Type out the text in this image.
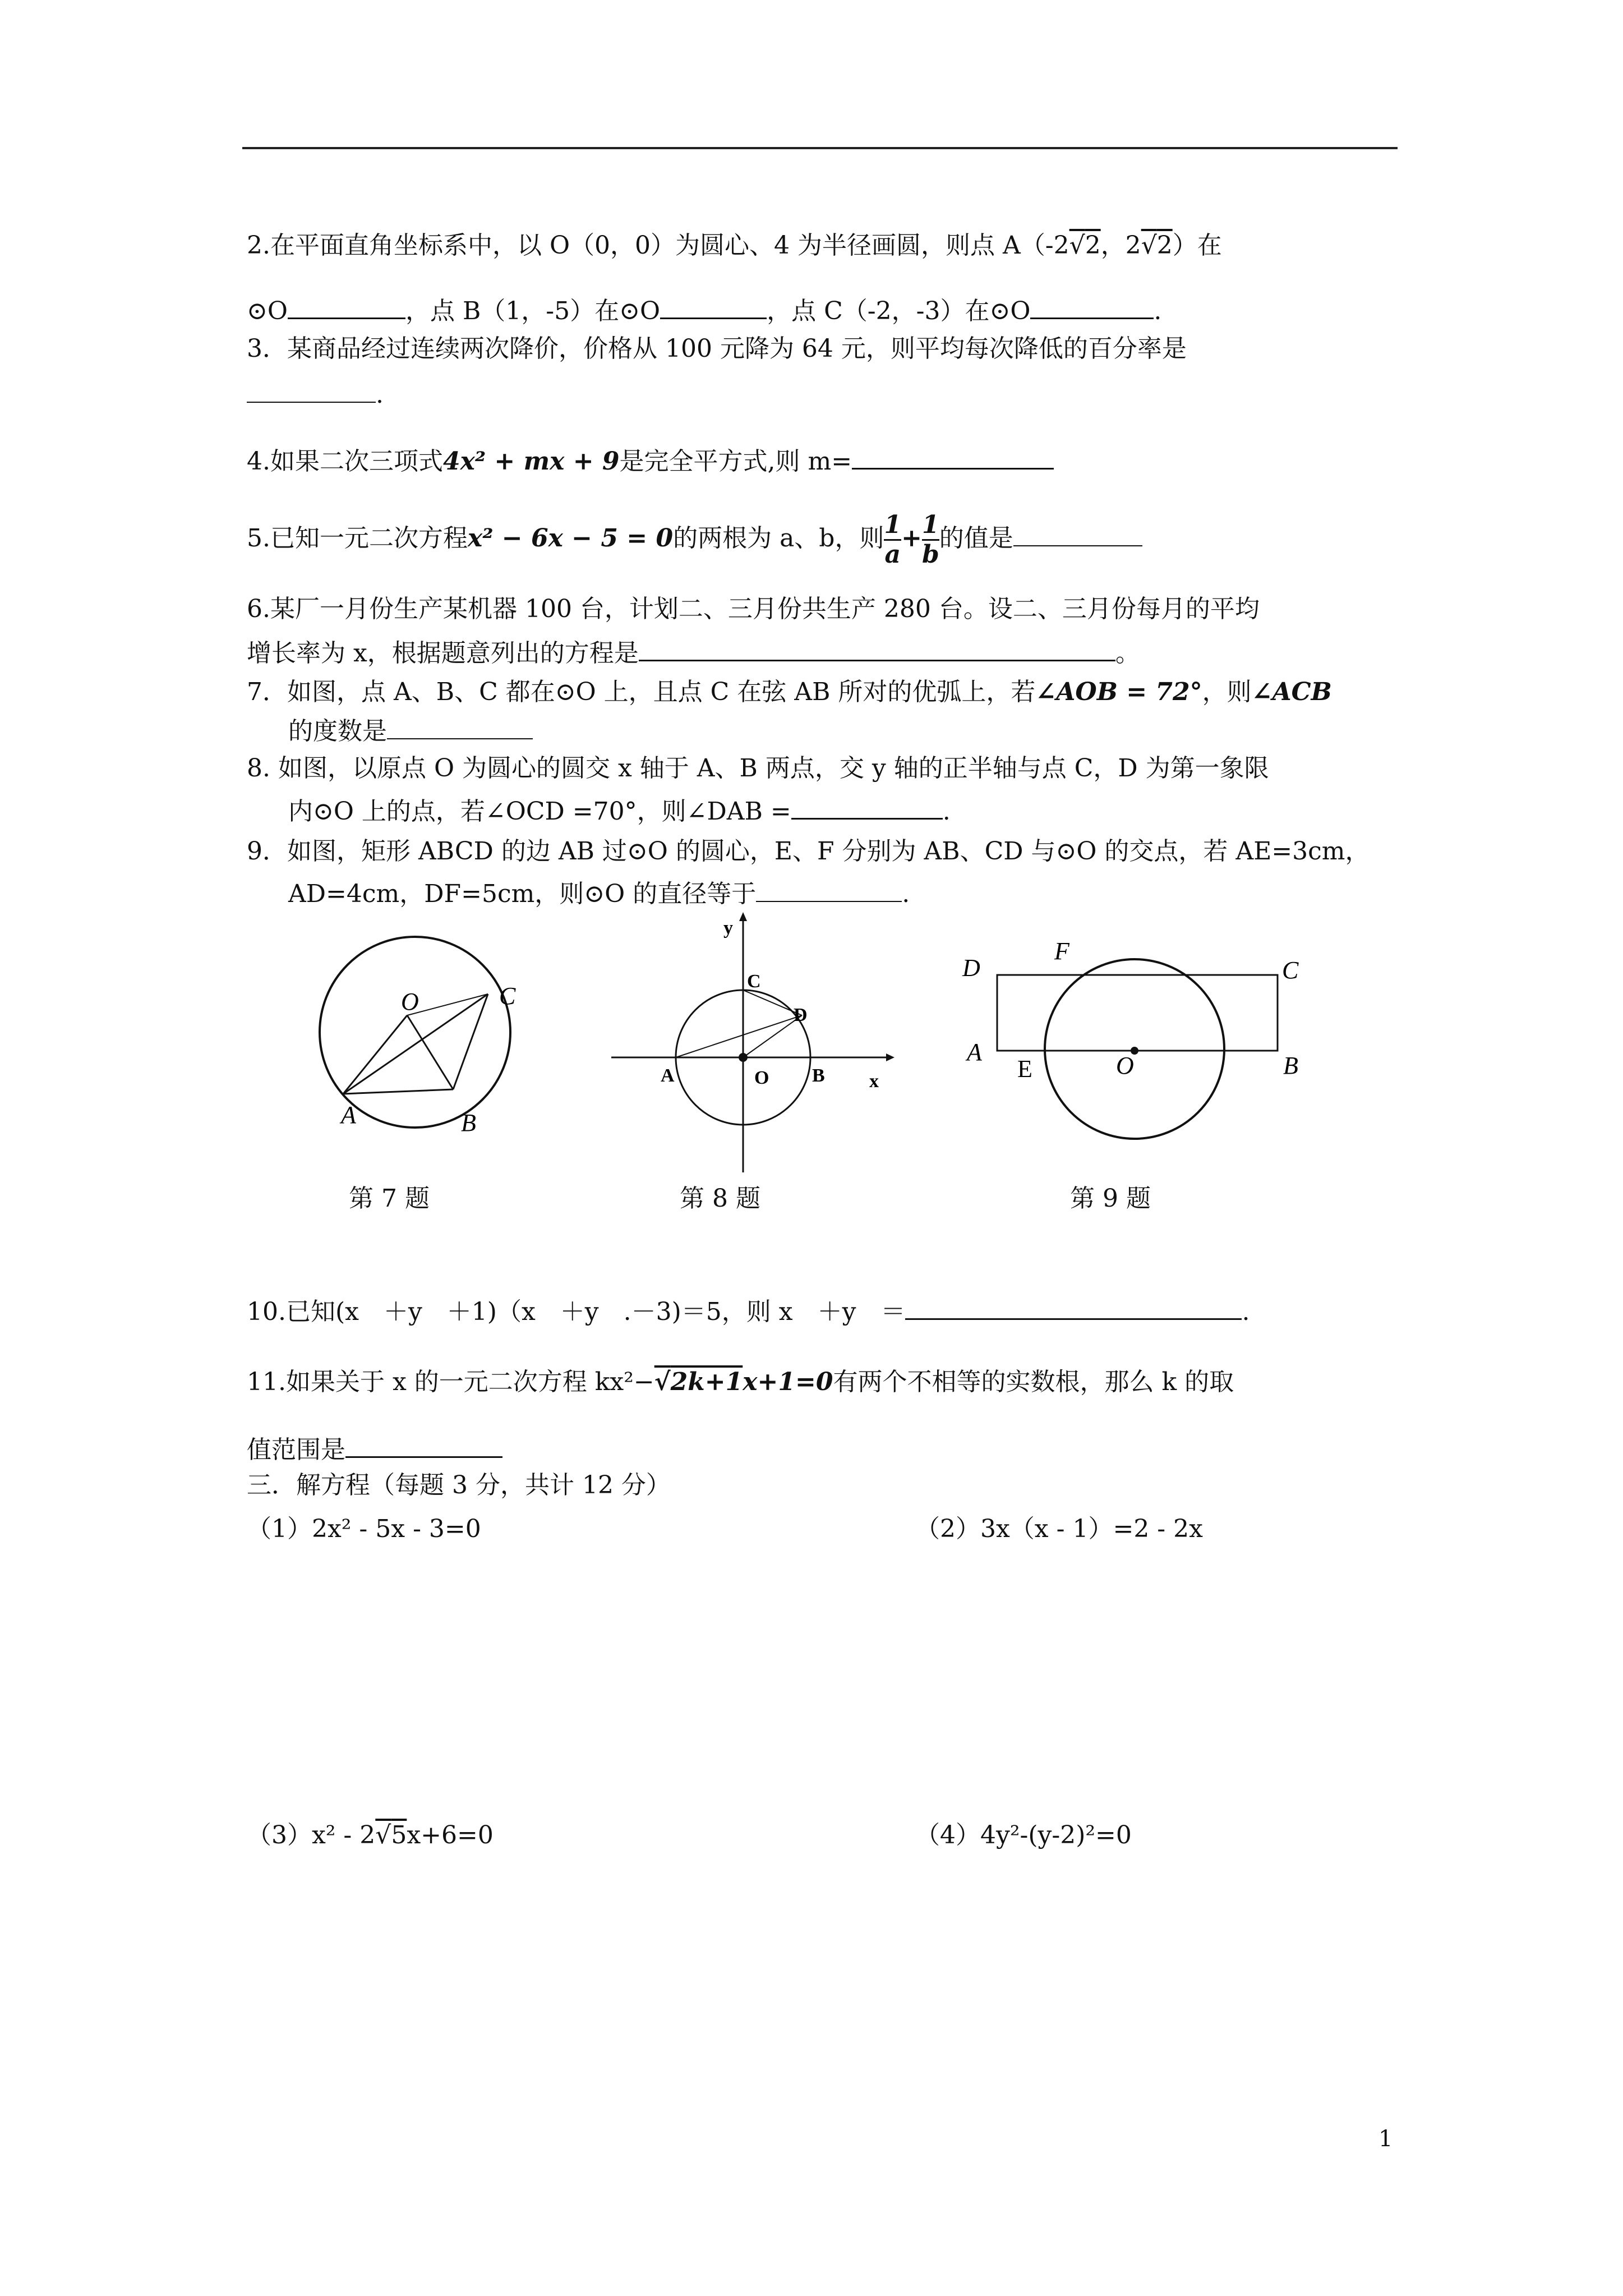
2.在平面直角坐标系中，以 O（0，0）为圆心、4 为半径画圆，则点 A（-2√2，2√2）在
⊙O	，点 B（1，-5）在⊙O	，点 C（-2，-3）在⊙O	.
3．某商品经过连续两次降价，价格从 100 元降为 64 元，则平均每次降低的百分率是
.
4.如果二次三项式4x² + mx + 9是完全平方式,则 m=
5.已知一元二次方程x² − 6x − 5 = 0的两根为 a、b，则 $\frac{1}{a} + \frac{1}{b}$ 的值是
6.某厂一月份生产某机器 100 台，计划二、三月份共生产 280 台。设二、三月份每月的平均
增长率为 x，根据题意列出的方程是	。
7．如图，点 A、B、C 都在⊙O 上，且点 C 在弦 AB 所对的优弧上，若∠AOB = 72°，则∠ACB
的度数是
8. 如图，以原点 O 为圆心的圆交 x 轴于 A、B 两点，交 y 轴的正半轴与点 C，D 为第一象限
内⊙O 上的点，若∠OCD =70°，则∠DAB =	.
9．如图，矩形 ABCD 的边 AB 过⊙O 的圆心，E、F 分别为 AB、CD 与⊙O 的交点，若 AE=3cm，
AD=4cm，DF=5cm，则⊙O 的直径等于	.
O	C
A	B
第 7 题
y
x
C
D
A	O B
第 8 题
D
F
C
A
E	O	B
第 9 题
10.已知(x　＋y　＋1)（x　＋y　.－3)＝5，则 x　＋y　＝	.
11.如果关于 x 的一元二次方程 kx²−√2k+1x+1=0有两个不相等的实数根，那么 k 的取
值范围是
三．解方程（每题 3 分，共计 12 分）
（1）2x² - 5x - 3=0	（2）3x（x - 1）=2 - 2x
（3）x² - 2√5x+6=0	（4）4y²-(y-2)²=0
1
